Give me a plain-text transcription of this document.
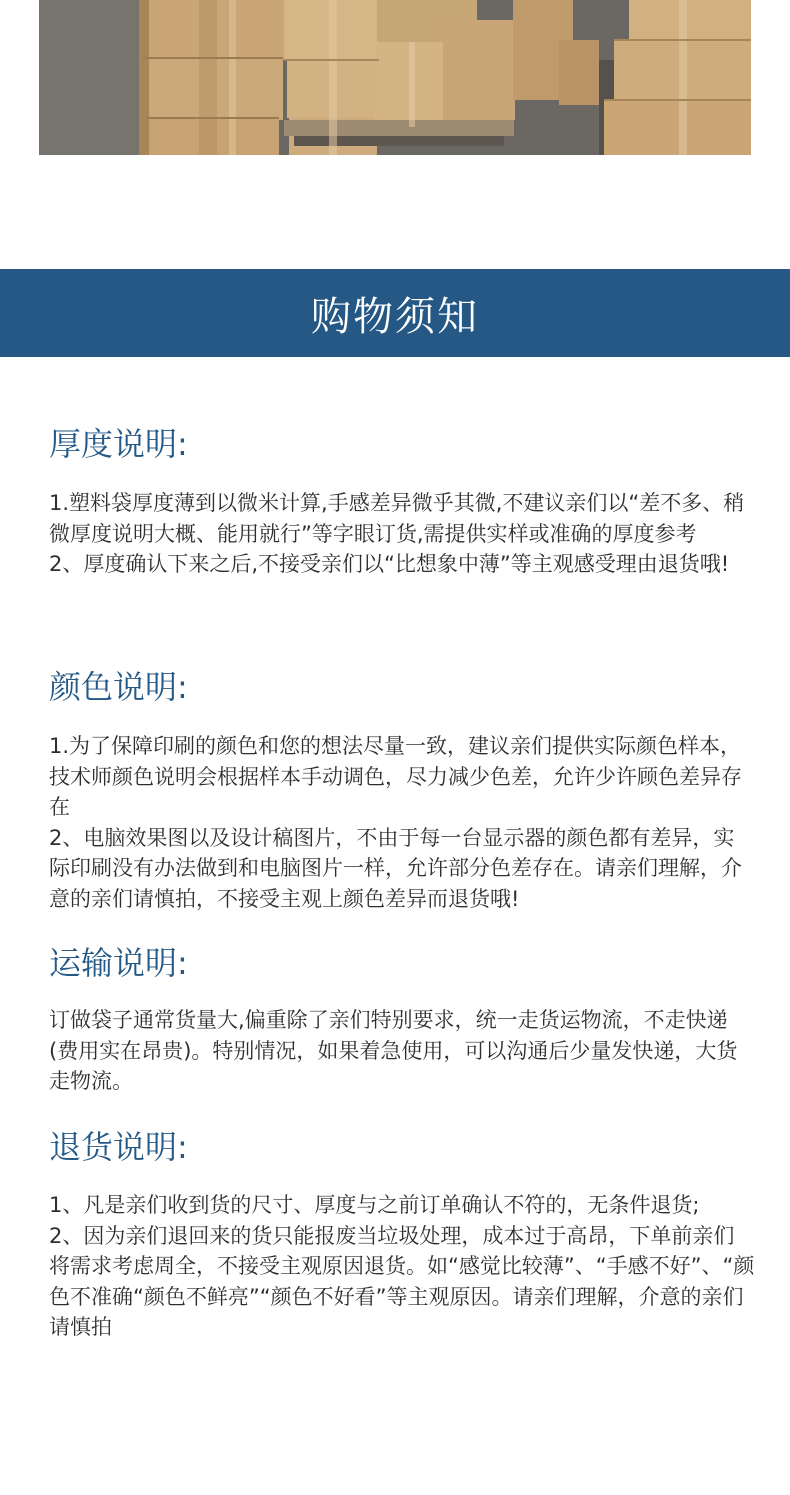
购物须知
厚度说明:

1.塑料袋厚度薄到以微米计算,手感差异微乎其微,不建议亲们以“差不多、稍微厚度说明大概、能用就行”等字眼订货,需提供实样或准确的厚度参考

2、厚度确认下来之后,不接受亲们以“比想象中薄”等主观感受理由退货哦!

颜色说明:

1.为了保障印刷的颜色和您的想法尽量一致，建议亲们提供实际颜色样本，技术师颜色说明会根据样本手动调色，尽力减少色差，允许少许顾色差异存在

2、电脑效果图以及设计稿图片，不由于每一台显示器的颜色都有差异，实际印刷没有办法做到和电脑图片一样，允许部分色差存在。请亲们理解，介意的亲们请慎拍，不接受主观上颜色差异而退货哦!

运输说明:

订做袋子通常货量大,偏重除了亲们特别要求，统一走货运物流，不走快递(费用实在昂贵)。特别情况，如果着急使用，可以沟通后少量发快递，大货走物流。

退货说明:

1、凡是亲们收到货的尺寸、厚度与之前订单确认不符的，无条件退货;

2、因为亲们退回来的货只能报废当垃圾处理，成本过于高昂，下单前亲们将需求考虑周全，不接受主观原因退货。如“感觉比较薄”、“手感不好”、“颜色不准确“颜色不鲜亮”“颜色不好看”等主观原因。请亲们理解，介意的亲们请慎拍
